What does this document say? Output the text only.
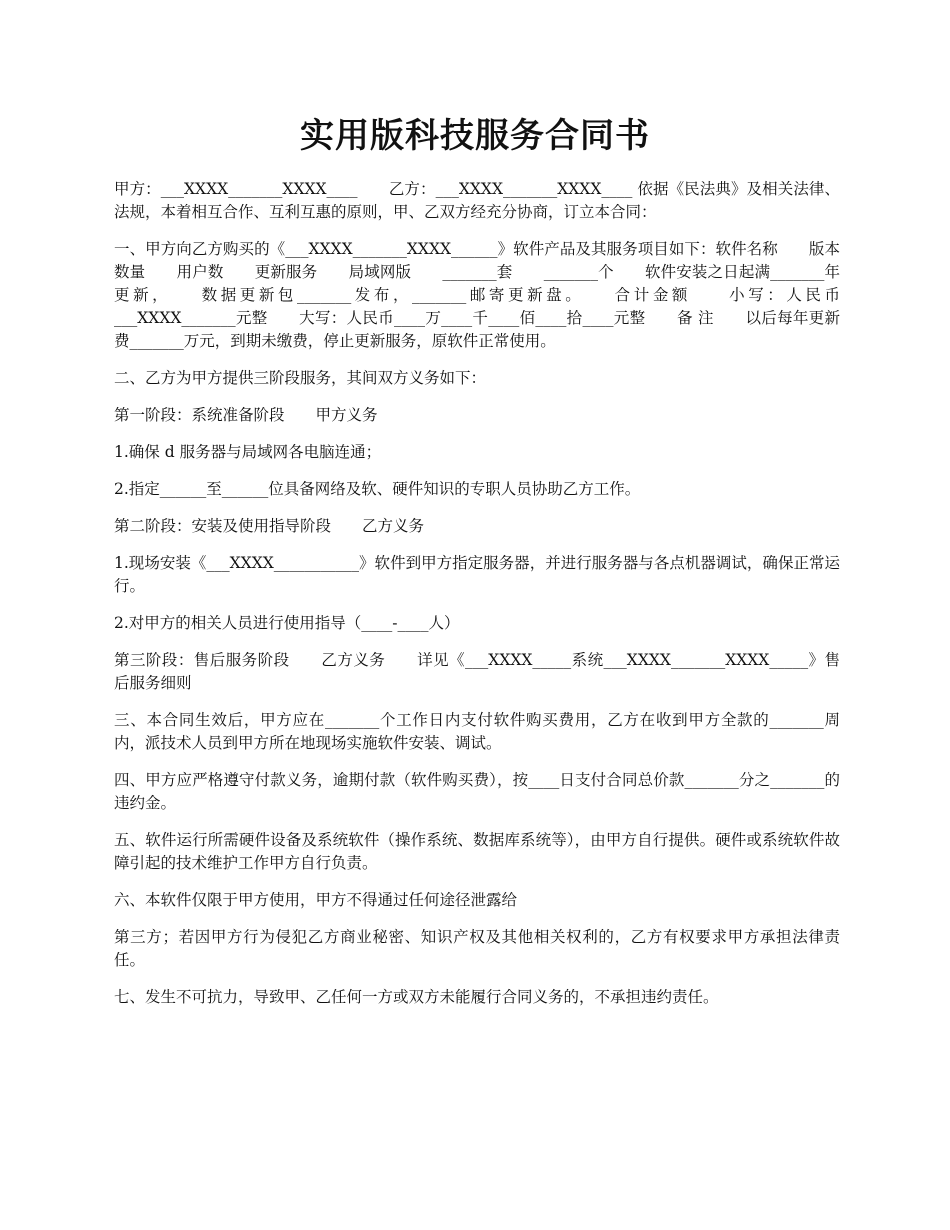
实用版科技服务合同书

甲方：___XXXX_______XXXX____　　乙方：___XXXX_______XXXX____ 依据《民法典》及相关法律、法规，本着相互合作、互利互惠的原则，甲、乙双方经充分协商，订立本合同：

一、甲方向乙方购买的《___XXXX_______XXXX______》软件产品及其服务项目如下：软件名称　　版本　　数量　　用户数　　更新服务　　局域网版　　_______套　　_______个　　软件安装之日起满_______年更新，　　数据更新包_______发布，_______邮寄更新盘。　　合计金额　　小写：人民币___XXXX_______元整　　大写：人民币____万____千____佰____拾____元整　　备 注　　以后每年更新费_______万元，到期未缴费，停止更新服务，原软件正常使用。

二、乙方为甲方提供三阶段服务，其间双方义务如下：

第一阶段：系统准备阶段　　甲方义务

1.确保 d 服务器与局域网各电脑连通；

2.指定______至______位具备网络及软、硬件知识的专职人员协助乙方工作。

第二阶段：安装及使用指导阶段　　乙方义务

1.现场安装《___XXXX___________》软件到甲方指定服务器，并进行服务器与各点机器调试，确保正常运行。

2.对甲方的相关人员进行使用指导（____-____人）

第三阶段：售后服务阶段　　乙方义务　　详见《___XXXX_____系统___XXXX_______XXXX_____》售后服务细则

三、本合同生效后，甲方应在_______个工作日内支付软件购买费用，乙方在收到甲方全款的_______周内，派技术人员到甲方所在地现场实施软件安装、调试。

四、甲方应严格遵守付款义务，逾期付款（软件购买费），按____日支付合同总价款_______分之_______的违约金。

五、软件运行所需硬件设备及系统软件（操作系统、数据库系统等），由甲方自行提供。硬件或系统软件故障引起的技术维护工作甲方自行负责。

六、本软件仅限于甲方使用，甲方不得通过任何途径泄露给

第三方；若因甲方行为侵犯乙方商业秘密、知识产权及其他相关权利的，乙方有权要求甲方承担法律责任。

七、发生不可抗力，导致甲、乙任何一方或双方未能履行合同义务的，不承担违约责任。
